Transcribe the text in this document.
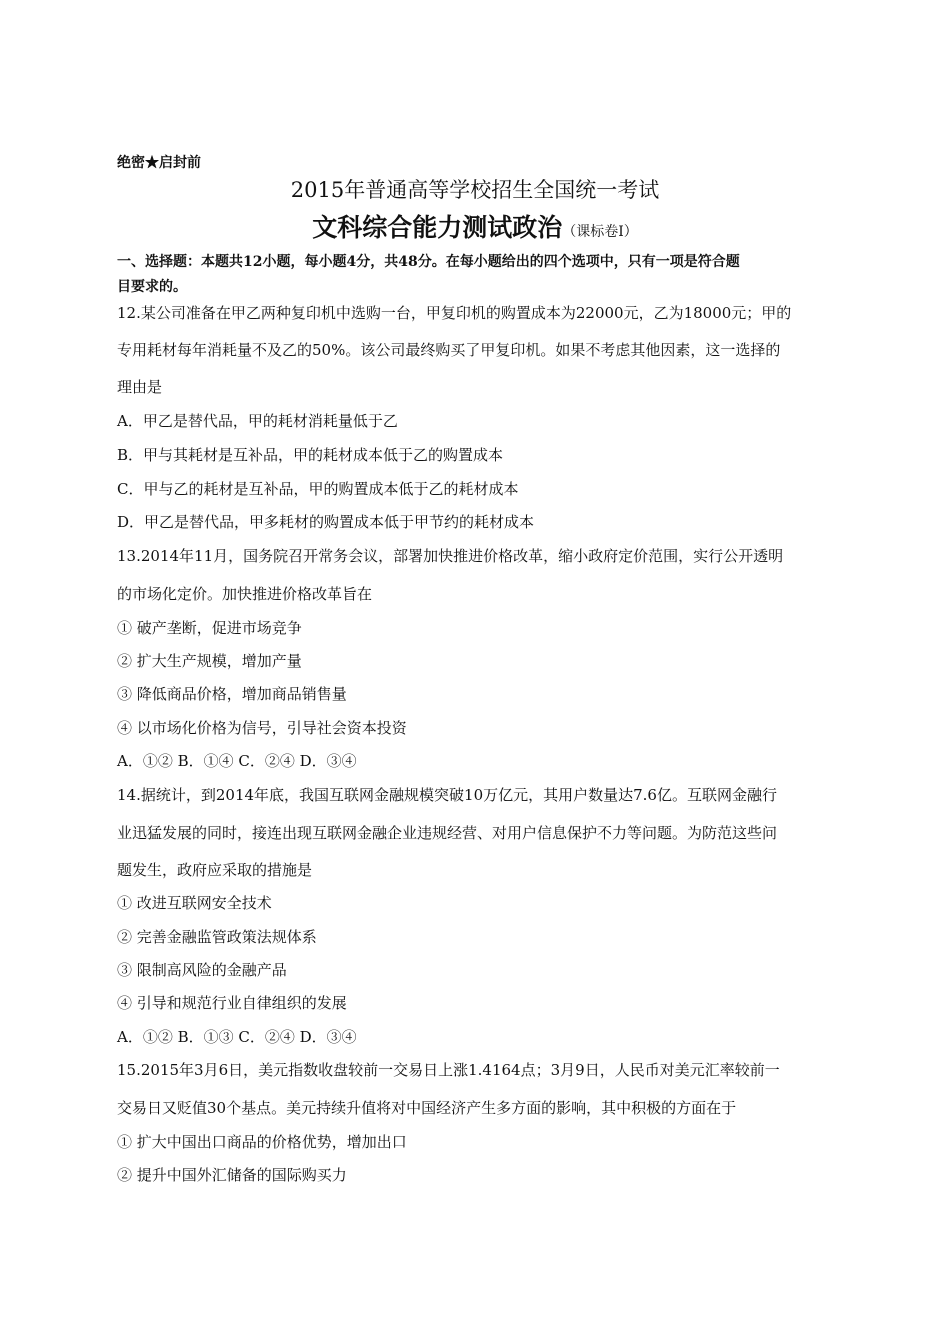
绝密★启封前
2015年普通高等学校招生全国统一考试
文科综合能力测试政治（课标卷Ⅰ）
一、选择题：本题共12小题，每小题4分，共48分。在每小题给出的四个选项中，只有一项是符合题
目要求的。
12.某公司准备在甲乙两种复印机中选购一台，甲复印机的购置成本为22000元，乙为18000元；甲的
专用耗材每年消耗量不及乙的50%。该公司最终购买了甲复印机。如果不考虑其他因素，这一选择的
理由是
A．甲乙是替代品，甲的耗材消耗量低于乙
B．甲与其耗材是互补品，甲的耗材成本低于乙的购置成本
C．甲与乙的耗材是互补品，甲的购置成本低于乙的耗材成本
D．甲乙是替代品，甲多耗材的购置成本低于甲节约的耗材成本
13.2014年11月，国务院召开常务会议，部署加快推进价格改革，缩小政府定价范围，实行公开透明
的市场化定价。加快推进价格改革旨在
① 破产垄断，促进市场竞争
② 扩大生产规模，增加产量
③ 降低商品价格，增加商品销售量
④ 以市场化价格为信号，引导社会资本投资
A．①② B．①④ C．②④ D．③④
14.据统计，到2014年底，我国互联网金融规模突破10万亿元，其用户数量达7.6亿。互联网金融行
业迅猛发展的同时，接连出现互联网金融企业违规经营、对用户信息保护不力等问题。为防范这些问
题发生，政府应采取的措施是
① 改进互联网安全技术
② 完善金融监管政策法规体系
③ 限制高风险的金融产品
④ 引导和规范行业自律组织的发展
A．①② B．①③ C．②④ D．③④
15.2015年3月6日，美元指数收盘较前一交易日上涨1.4164点；3月9日，人民币对美元汇率较前一
交易日又贬值30个基点。美元持续升值将对中国经济产生多方面的影响，其中积极的方面在于
① 扩大中国出口商品的价格优势，增加出口
② 提升中国外汇储备的国际购买力
